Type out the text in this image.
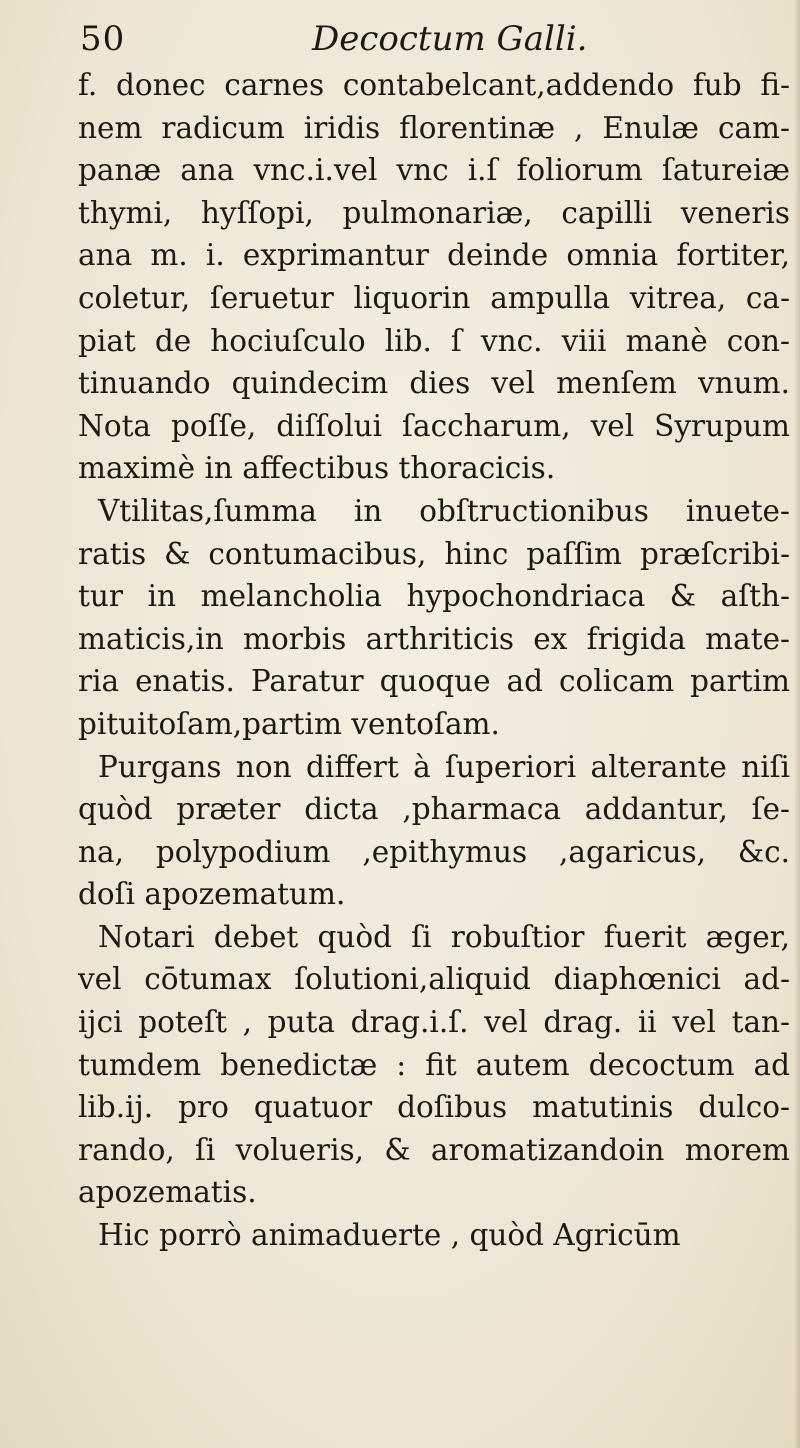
50	Decoctum Galli.
f. donec carnes contabelcant,addendo fub fi-
nem radicum iridis florentinæ , Enulæ cam-
panæ ana vnc.i.vel vnc i.ſ foliorum ſatureiæ
thymi, hyſſopi, pulmonariæ, capilli veneris
ana m. i. exprimantur deinde omnia fortiter,
coletur, ſeruetur liquorin ampulla vitrea, ca-
piat de hociuſculo lib. ſ vnc. viii manè con-
tinuando quindecim dies vel menſem vnum.
Nota poſſe, diſſolui ſaccharum, vel Syrupum
maximè in affectibus thoracicis.
Vtilitas,ſumma in obſtructionibus inuete-
ratis & contumacibus, hinc paſſim præſcribi-
tur in melancholia hypochondriaca & aſth-
maticis,in morbis arthriticis ex frigida mate-
ria enatis. Paratur quoque ad colicam partim
pituitoſam,partim ventoſam.
Purgans non differt à ſuperiori alterante niſi
quòd præter dicta ,pharmaca addantur, ſe-
na, polypodium ,epithymus ,agaricus, &c.
doſi apozematum.
Notari debet quòd ſi robuſtior fuerit æger,
vel cōtumax ſolutioni,aliquid diaphœnici ad-
ijci poteſt , puta drag.i.ſ. vel drag. ii vel tan-
tumdem benedictæ : fit autem decoctum ad
lib.ij. pro quatuor doſibus matutinis dulco-
rando, ſi volueris, & aromatizandoin morem
apozematis.
Hic porrò animaduerte , quòd Agricūm
